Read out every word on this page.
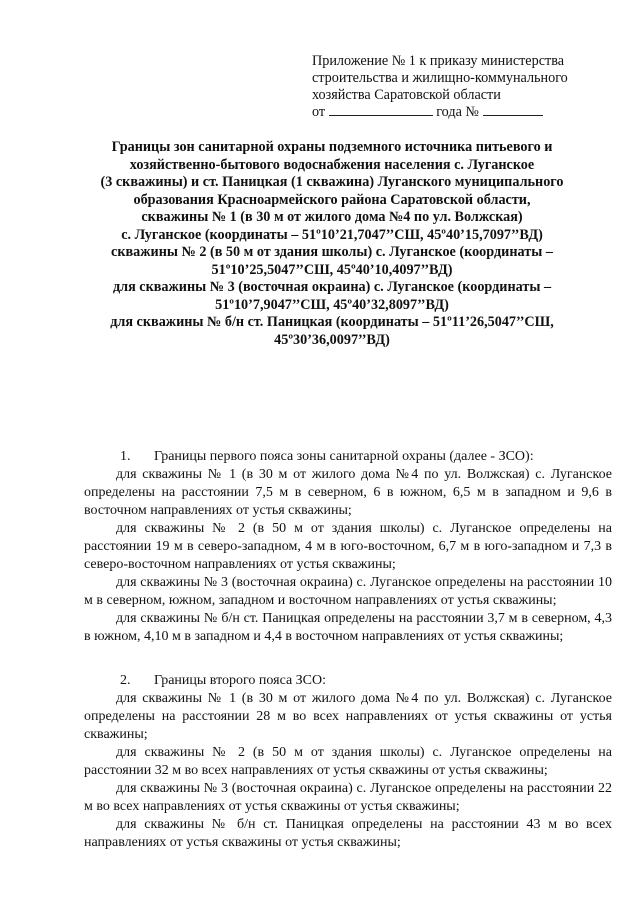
Приложение № 1 к приказу министерства
строительства и жилищно-коммунального
хозяйства Саратовской области
от	года №
Границы зон санитарной охраны подземного источника питьевого и
хозяйственно-бытового водоснабжения населения с. Луганское
(3 скважины) и ст. Паницкая (1 скважина) Луганского муниципального
образования Красноармейского района Саратовской области,
скважины № 1 (в 30 м от жилого дома №4 по ул. Волжская)
с. Луганское (координаты – 51º10’21,7047’’СШ, 45º40’15,7097’’ВД)
скважины № 2 (в 50 м от здания школы) с. Луганское (координаты –
51º10’25,5047’’СШ, 45º40’10,4097’’ВД)
для скважины № 3 (восточная окраина) с. Луганское (координаты –
51º10’7,9047’’СШ, 45º40’32,8097’’ВД)
для скважины № б/н ст. Паницкая (координаты – 51º11’26,5047’’СШ,
45º30’36,0097’’ВД)

1. Границы первого пояса зоны санитарной охраны (далее - ЗСО):

для скважины № 1 (в 30 м от жилого дома №4 по ул. Волжская) с. Луганское определены на расстоянии 7,5 м в северном, 6 в южном, 6,5 м в западном и 9,6 в восточном направлениях от устья скважины;

для скважины № 2 (в 50 м от здания школы) с. Луганское определены на расстоянии 19 м в северо-западном, 4 м в юго-восточном, 6,7 м в юго-западном и 7,3 в северо-восточном направлениях от устья скважины;

для скважины № 3 (восточная окраина) с. Луганское определены на расстоянии 10 м в северном, южном, западном и восточном направлениях от устья скважины;

для скважины № б/н ст. Паницкая определены на расстоянии 3,7 м в северном, 4,3 в южном, 4,10 м в западном и 4,4 в восточном направлениях от устья скважины;

2. Границы второго пояса ЗСО:

для скважины № 1 (в 30 м от жилого дома №4 по ул. Волжская) с. Луганское определены на расстоянии 28 м во всех направлениях от устья скважины от устья скважины;

для скважины № 2 (в 50 м от здания школы) с. Луганское определены на расстоянии 32 м во всех направлениях от устья скважины от устья скважины;

для скважины № 3 (восточная окраина) с. Луганское определены на расстоянии 22 м во всех направлениях от устья скважины от устья скважины;

для скважины № б/н ст. Паницкая определены на расстоянии 43 м во всех направлениях от устья скважины от устья скважины;
